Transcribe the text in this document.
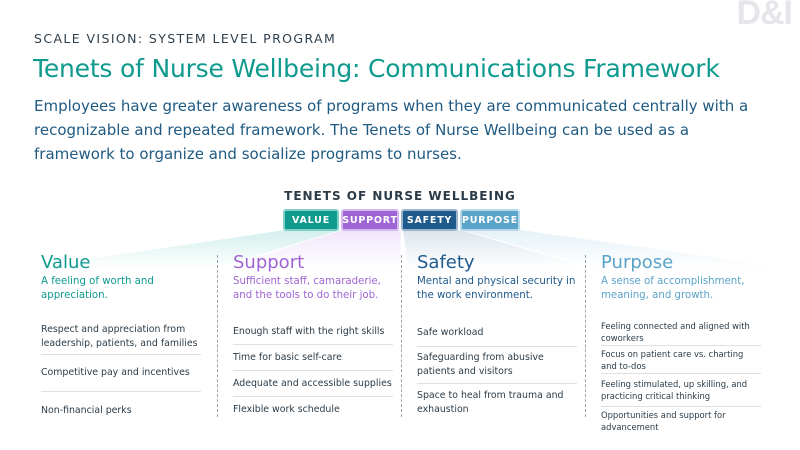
D&I
SCALE VISION: SYSTEM LEVEL PROGRAM
Tenets of Nurse Wellbeing: Communications Framework
Employees have greater awareness of programs when they are communicated centrally with a recognizable and repeated framework. The Tenets of Nurse Wellbeing can be used as a framework to organize and socialize programs to nurses.
TENETS OF NURSE WELLBEING
VALUE	SUPPORT SAFETY	PURPOSE
Value
A feeling of worth and appreciation.
Respect and appreciation from leadership, patients, and families
Competitive pay and incentives
Non-financial perks
Support
Sufficient staff, camaraderie, and the tools to do their job.
Enough staff with the right skills
Time for basic self-care
Adequate and accessible supplies
Flexible work schedule
Safety
Mental and physical security in the work environment.
Safe workload
Safeguarding from abusive patients and visitors
Space to heal from trauma and exhaustion
Purpose
A sense of accomplishment, meaning, and growth.
Feeling connected and aligned with coworkers
Focus on patient care vs. charting and to-dos
Feeling stimulated, up skilling, and practicing critical thinking
Opportunities and support for advancement
